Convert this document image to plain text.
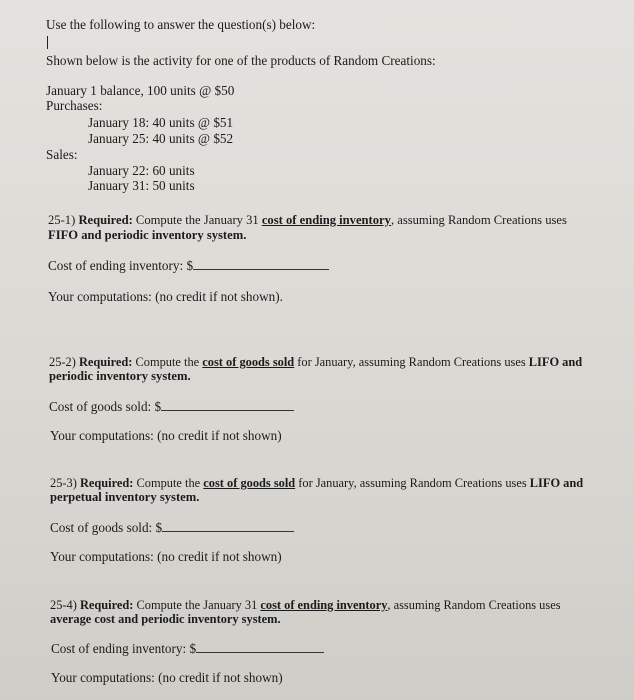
Use the following to answer the question(s) below:
Shown below is the activity for one of the products of Random Creations:
January 1 balance, 100 units @ $50
Purchases:
January 18: 40 units @ $51
January 25: 40 units @ $52
Sales:
January 22: 60 units
January 31: 50 units
25-1) Required: Compute the January 31 cost of ending inventory, assuming Random Creations uses
FIFO and periodic inventory system.
Cost of ending inventory: $
Your computations: (no credit if not shown).
25-2) Required: Compute the cost of goods sold for January, assuming Random Creations uses LIFO and
periodic inventory system.
Cost of goods sold: $
Your computations: (no credit if not shown)
25-3) Required: Compute the cost of goods sold for January, assuming Random Creations uses LIFO and
perpetual inventory system.
Cost of goods sold: $
Your computations: (no credit if not shown)
25-4) Required: Compute the January 31 cost of ending inventory, assuming Random Creations uses
average cost and periodic inventory system.
Cost of ending inventory: $
Your computations: (no credit if not shown)
